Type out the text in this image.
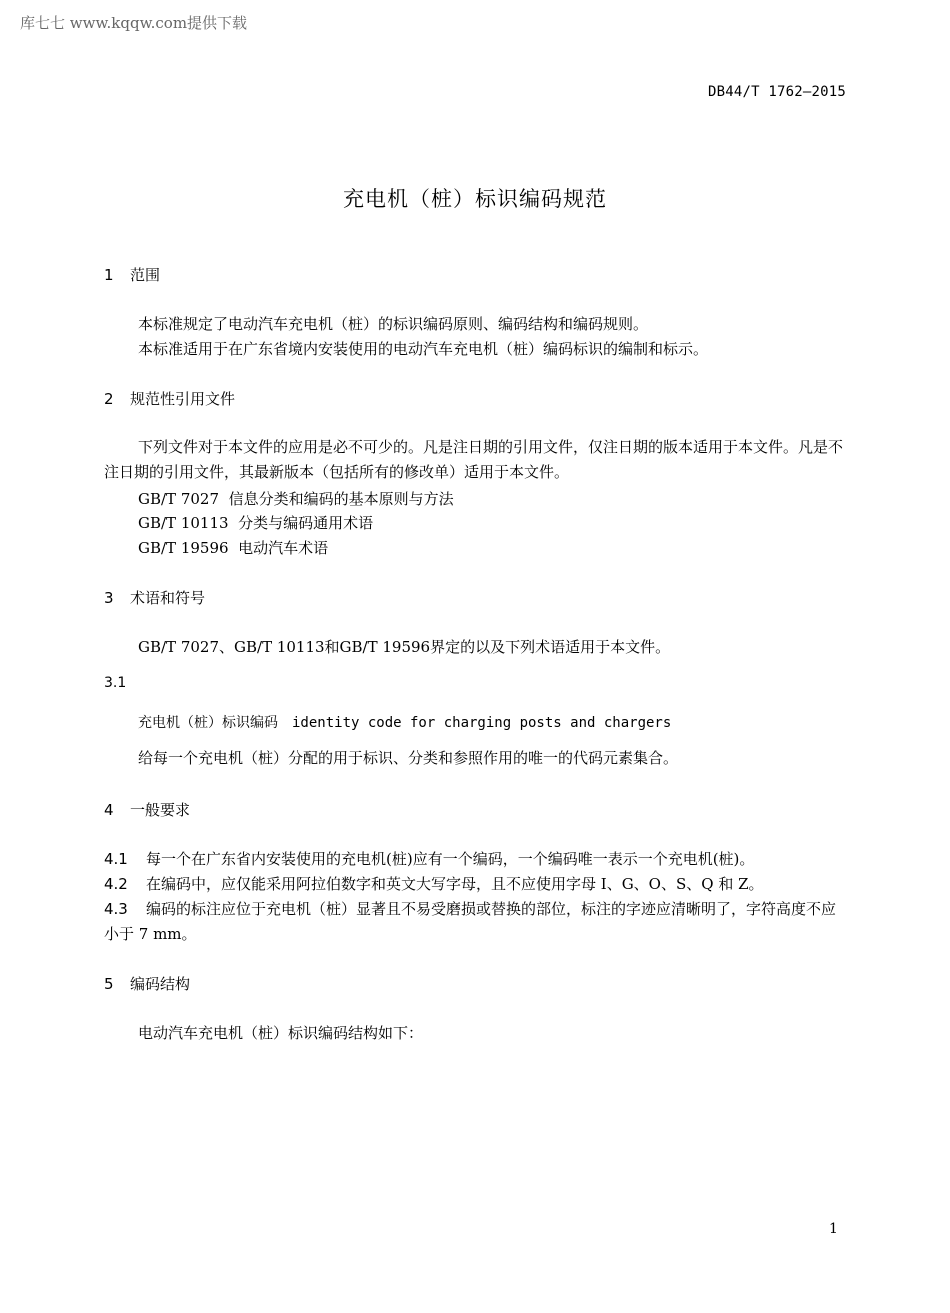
库七七 www.kqqw.com提供下载
DB44/T 1762—2015
充电机（桩）标识编码规范
1 范围
本标准规定了电动汽车充电机（桩）的标识编码原则、编码结构和编码规则。
本标准适用于在广东省境内安装使用的电动汽车充电机（桩）编码标识的编制和标示。
2 规范性引用文件
下列文件对于本文件的应用是必不可少的。凡是注日期的引用文件，仅注日期的版本适用于本文件。凡是不注日期的引用文件，其最新版本（包括所有的修改单）适用于本文件。
GB/T 7027 信息分类和编码的基本原则与方法
GB/T 10113 分类与编码通用术语
GB/T 19596 电动汽车术语
3 术语和符号
GB/T 7027、GB/T 10113和GB/T 19596界定的以及下列术语适用于本文件。
3.1
充电机（桩）标识编码 identity code for charging posts and chargers
给每一个充电机（桩）分配的用于标识、分类和参照作用的唯一的代码元素集合。
4 一般要求
4.1 每一个在广东省内安装使用的充电机(桩)应有一个编码，一个编码唯一表示一个充电机(桩)。
4.2 在编码中，应仅能采用阿拉伯数字和英文大写字母，且不应使用字母 I、G、O、S、Q 和 Z。
4.3 编码的标注应位于充电机（桩）显著且不易受磨损或替换的部位，标注的字迹应清晰明了，字符高度不应小于 7 mm。
5 编码结构
电动汽车充电机（桩）标识编码结构如下：
1
